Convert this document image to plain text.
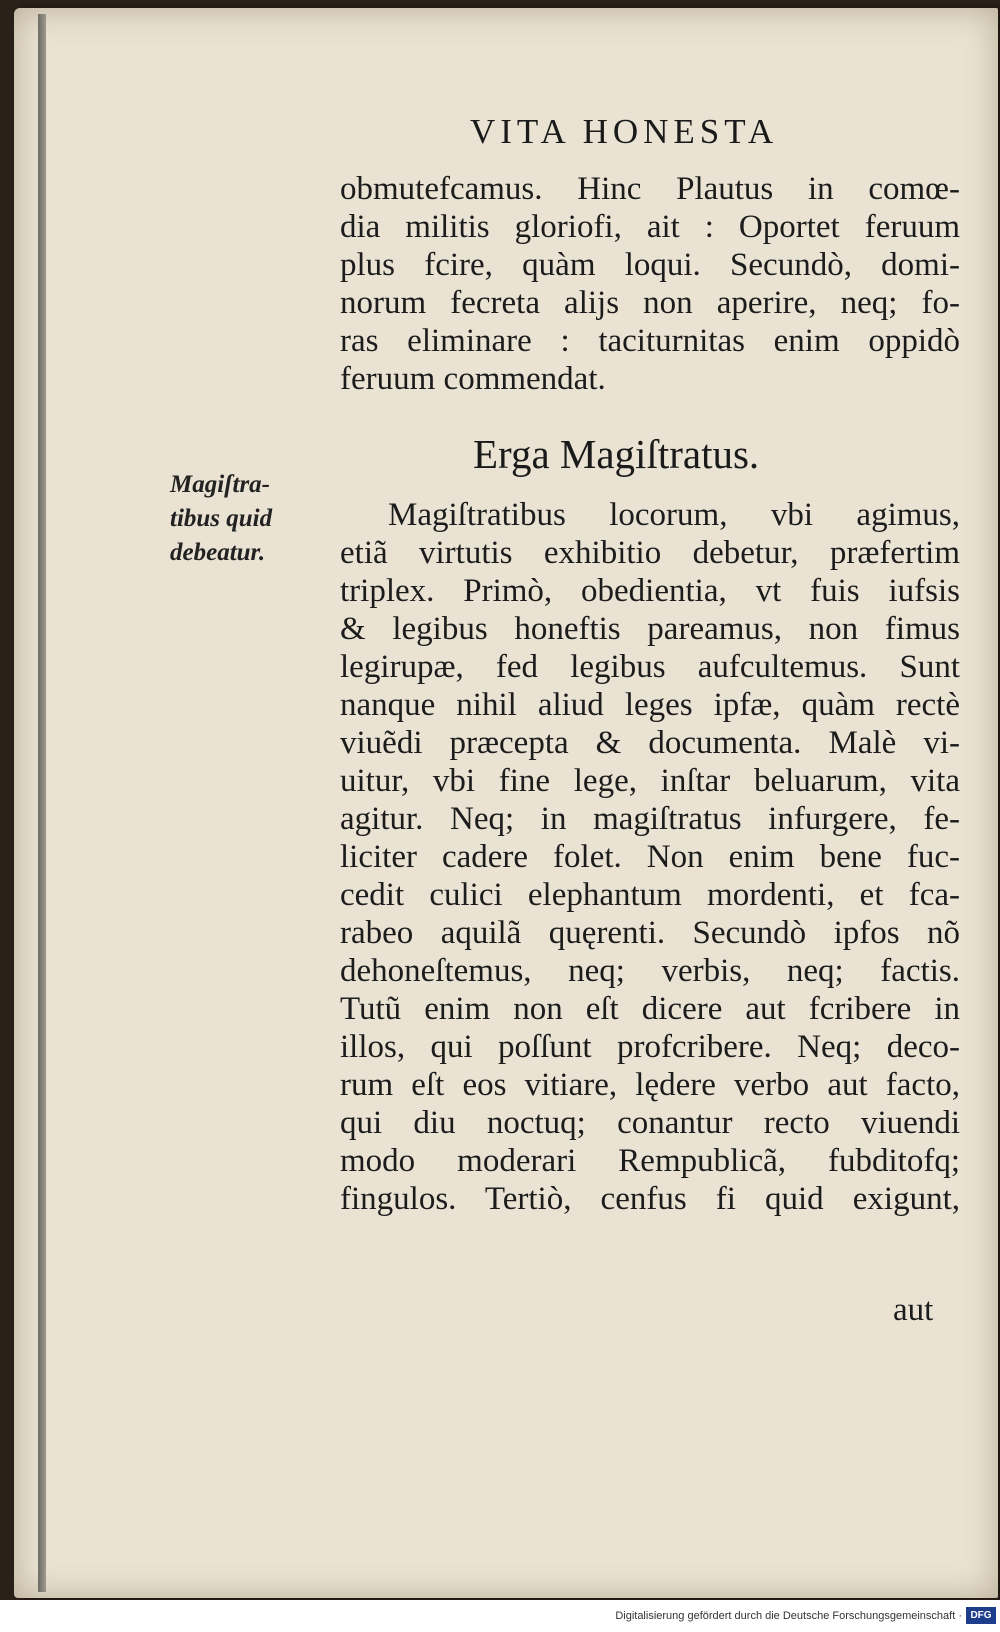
VITA HONESTA
obmutefcamus. Hinc Plautus in comœ-
dia militis gloriofi, ait : Oportet feruum
plus fcire, quàm loqui. Secundò, domi-
norum fecreta alijs non aperire, neq; fo-
ras eliminare : taciturnitas enim oppidò
feruum commendat.
Erga Magiſtratus.
Magiſtra-
tibus quid
debeatur.
Magiſtratibus locorum, vbi agimus,
etiã virtutis exhibitio debetur, præfertim
triplex. Primò, obedientia, vt fuis iufsis
& legibus honeftis pareamus, non fimus
legirupæ, fed legibus aufcultemus. Sunt
nanque nihil aliud leges ipfæ, quàm rectè
viuẽdi præcepta & documenta. Malè vi-
uitur, vbi fine lege, inſtar beluarum, vita
agitur. Neq; in magiſtratus infurgere, fe-
liciter cadere folet. Non enim bene fuc-
cedit culici elephantum mordenti, et fca-
rabeo aquilã quęrenti. Secundò ipfos nõ
dehoneſtemus, neq; verbis, neq; factis.
Tutũ enim non eſt dicere aut fcribere in
illos, qui poſſunt profcribere. Neq; deco-
rum eſt eos vitiare, lędere verbo aut facto,
qui diu noctuq; conantur recto viuendi
modo moderari Rempublicã, fubditofq;
fingulos. Tertiò, cenfus fi quid exigunt,
aut
Digitalisierung gefördert durch die Deutsche Forschungsgemeinschaft · DFG
